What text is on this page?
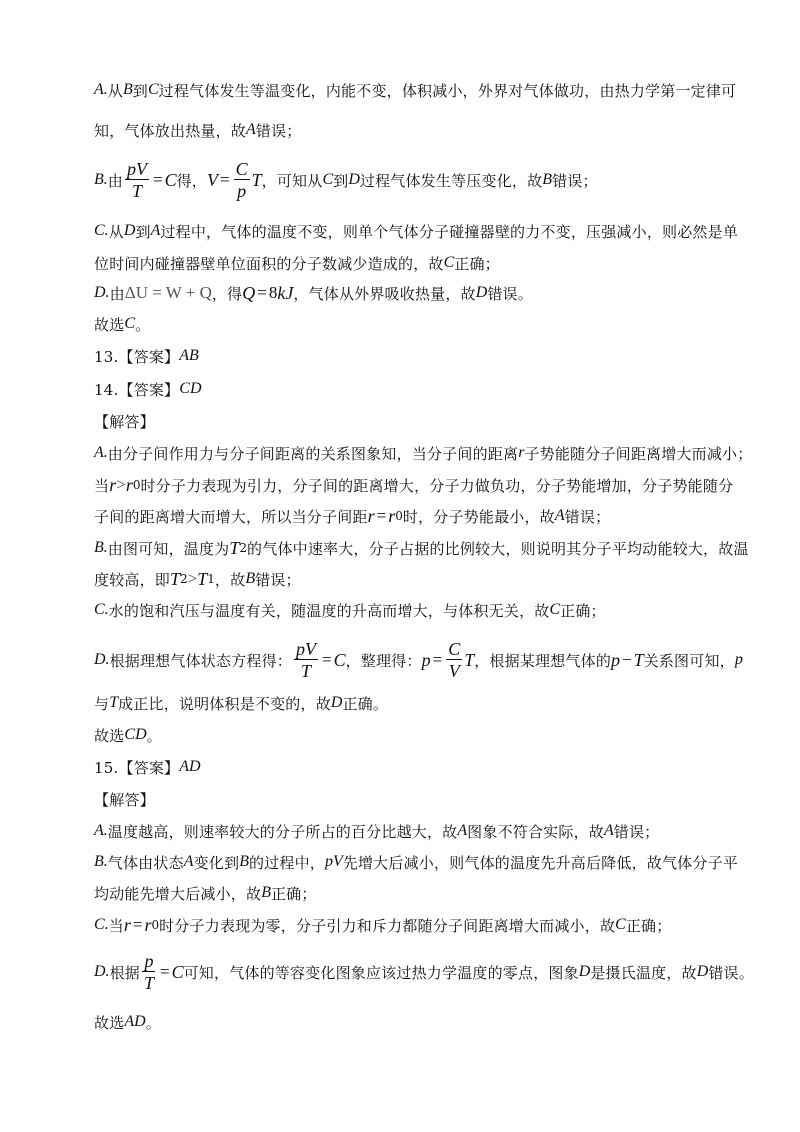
A. 从 B 到 C 过程气体发生等温变化，内能不变，体积减小，外界对气体做功，由热力学第一定律可
知，气体放出热量，故 A 错误；
B. 由 $\frac{pV}{T} = C$ 得， $V = \frac{C}{p}$ T ，可知从 C 到 D 过程气体发生等压变化，故 B 错误；
C. 从 D 到 A 过程中，气体的温度不变，则单个气体分子碰撞器壁的力不变，压强减小，则必然是单
位时间内碰撞器壁单位面积的分子数减少造成的，故 C 正确；
D. 由 ΔU = W + Q ，得 Q = 8 kJ ，气体从外界吸收热量，故 D 错误。
故选 C 。
13.【答案】 AB
14.【答案】 CD
【解答】
A. 由分子间作用力与分子间距离的关系图象知，当分子间的距离 r 子势能随分子间距离增大而减小；
当 r > r 0 时分子力表现为引力，分子间的距离增大，分子力做负功，分子势能增加，分子势能随分
子间的距离增大而增大，所以当分子间距 r = r 0 时，分子势能最小，故 A 错误；
B. 由图可知，温度为 T 2 的气体中速率大，分子占据的比例较大，则说明其分子平均动能较大，故温
度较高，即 T 2 > T 1 ，故 B 错误；
C. 水的饱和汽压与温度有关，随温度的升高而增大，与体积无关，故 C 正确；
D. 根据理想气体状态方程得： $\frac{pV}{T} = C$ ，整理得： $p = \frac{C}{V}$ T ，根据某理想气体的 p − T 关系图可知， p
与 T 成正比，说明体积是不变的，故 D 正确。
故选 CD 。
15.【答案】 AD
【解答】
A. 温度越高，则速率较大的分子所占的百分比越大，故 A 图象不符合实际，故 A 错误；
B. 气体由状态 A 变化到 B 的过程中， pV 先增大后减小，则气体的温度先升高后降低，故气体分子平
均动能先增大后减小，故 B 正确；
C. 当 r = r 0 时分子力表现为零，分子引力和斥力都随分子间距离增大而减小，故 C 正确；
D. 根据 $\frac{p}{T} = C$ 可知，气体的等容变化图象应该过热力学温度的零点，图象 D 是摄氏温度，故 D 错误。
故选 AD 。
